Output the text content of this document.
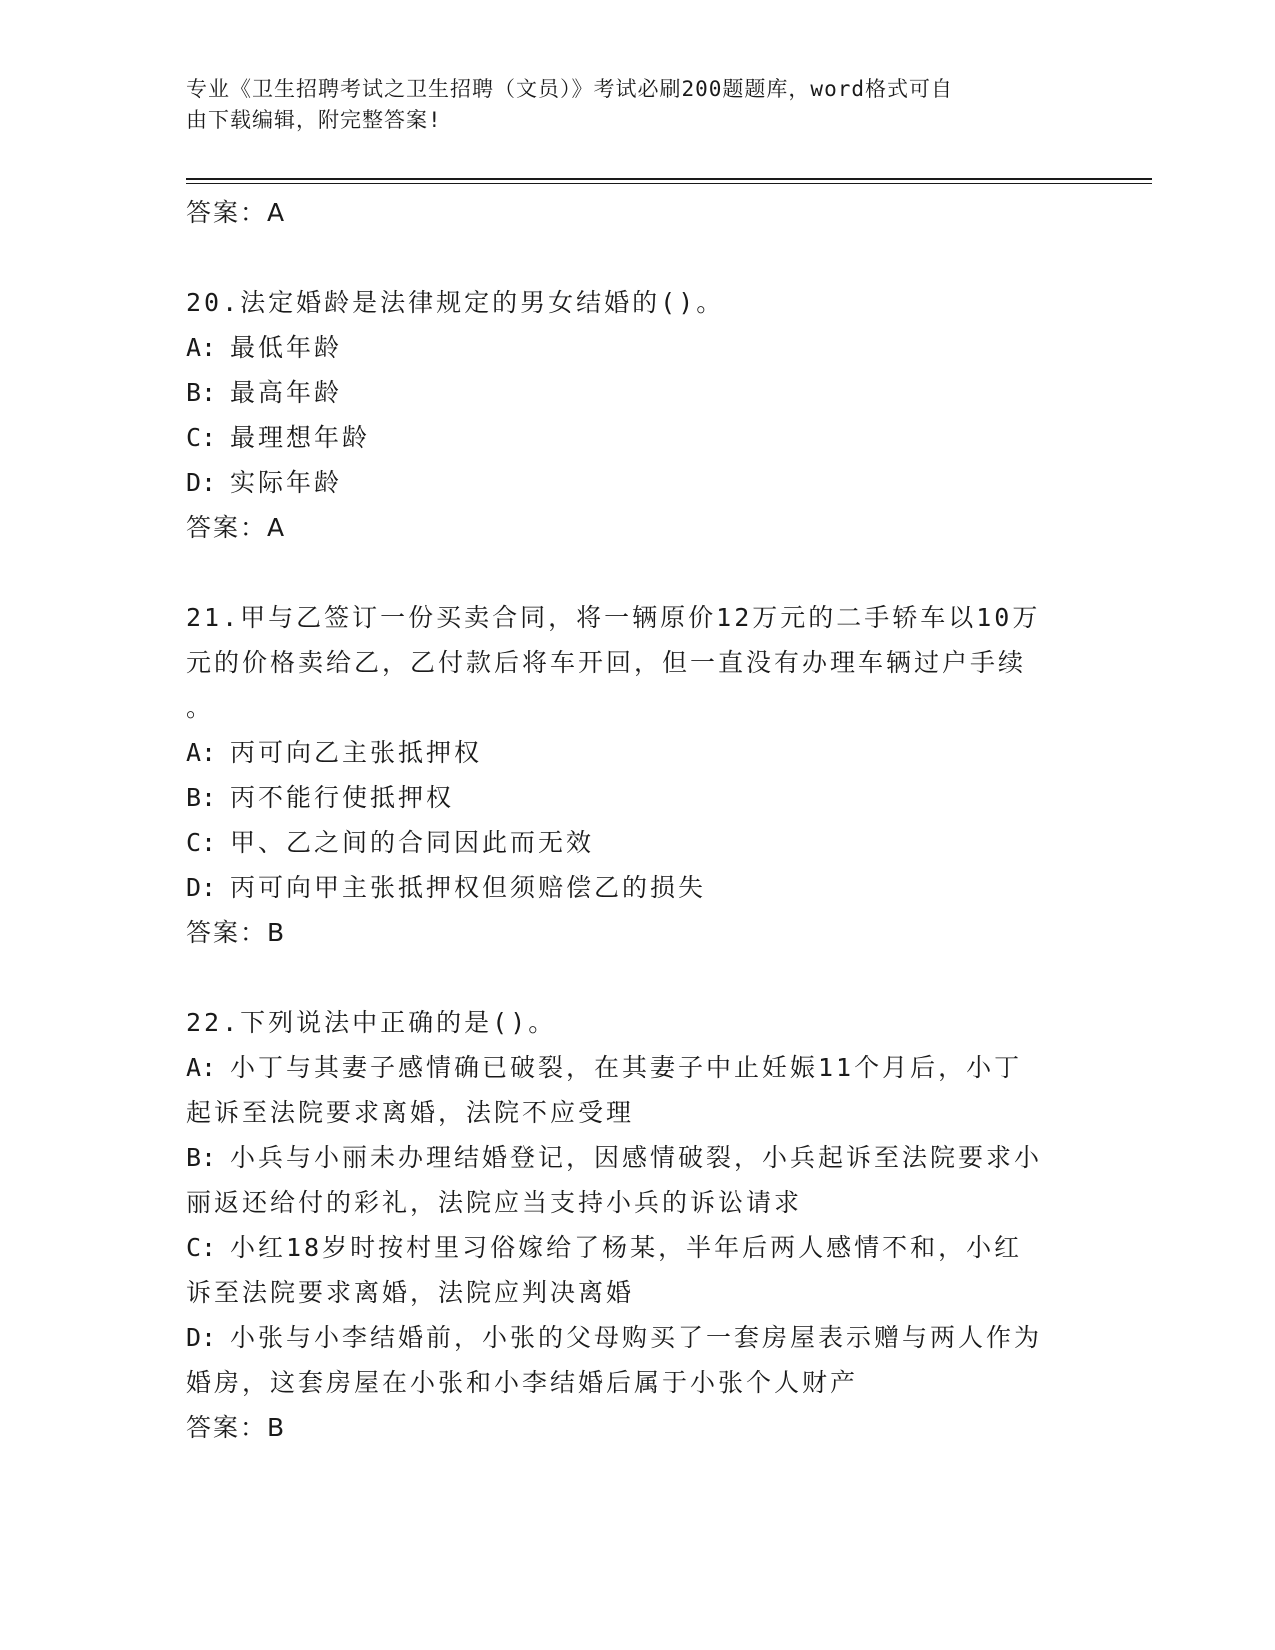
专业《卫生招聘考试之卫生招聘（文员）》考试必刷200题题库，word格式可自
由下载编辑，附完整答案!

答案：A

20.法定婚龄是法律规定的男女结婚的()。

A: 最低年龄

B: 最高年龄

C: 最理想年龄

D: 实际年龄

答案：A

21.甲与乙签订一份买卖合同，将一辆原价12万元的二手轿车以10万

元的价格卖给乙，乙付款后将车开回，但一直没有办理车辆过户手续

。

A: 丙可向乙主张抵押权

B: 丙不能行使抵押权

C: 甲、乙之间的合同因此而无效

D: 丙可向甲主张抵押权但须赔偿乙的损失

答案：B

22.下列说法中正确的是()。

A: 小丁与其妻子感情确已破裂，在其妻子中止妊娠11个月后，小丁

起诉至法院要求离婚，法院不应受理

B: 小兵与小丽未办理结婚登记，因感情破裂，小兵起诉至法院要求小

丽返还给付的彩礼，法院应当支持小兵的诉讼请求

C: 小红18岁时按村里习俗嫁给了杨某，半年后两人感情不和，小红

诉至法院要求离婚，法院应判决离婚

D: 小张与小李结婚前，小张的父母购买了一套房屋表示赠与两人作为

婚房，这套房屋在小张和小李结婚后属于小张个人财产

答案：B
